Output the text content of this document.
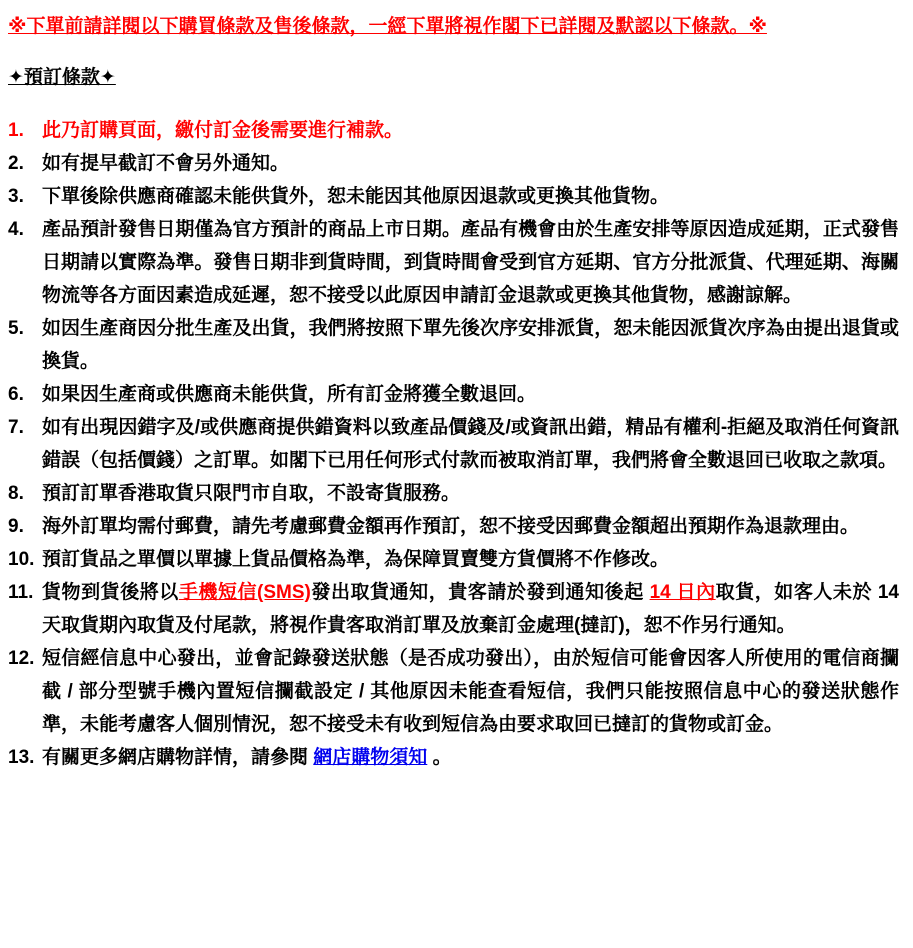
※下單前請詳閱以下購買條款及售後條款，一經下單將視作閣下已詳閱及默認以下條款。※
✦預訂條款✦
1. 此乃訂購頁面，繳付訂金後需要進行補款。
2. 如有提早截訂不會另外通知。
3. 下單後除供應商確認未能供貨外，恕未能因其他原因退款或更換其他貨物。
4. 產品預計發售日期僅為官方預計的商品上市日期。產品有機會由於生產安排等原因造成延期，正式發售日期請以實際為準。發售日期非到貨時間，到貨時間會受到官方延期、官方分批派貨、代理延期、海關物流等各方面因素造成延遲，恕不接受以此原因申請訂金退款或更換其他貨物，感謝諒解。
5. 如因生產商因分批生產及出貨，我們將按照下單先後次序安排派貨，恕未能因派貨次序為由提出退貨或換貨。
6. 如果因生產商或供應商未能供貨，所有訂金將獲全數退回。
7. 如有出現因錯字及/或供應商提供錯資料以致產品價錢及/或資訊出錯，精品有權利-拒絕及取消任何資訊錯誤（包括價錢）之訂單。如閣下已用任何形式付款而被取消訂單，我們將會全數退回已收取之款項。
8. 預訂訂單香港取貨只限門市自取，不設寄貨服務。
9. 海外訂單均需付郵費，請先考慮郵費金額再作預訂，恕不接受因郵費金額超出預期作為退款理由。
10. 預訂貨品之單價以單據上貨品價格為準，為保障買賣雙方貨價將不作修改。
11. 貨物到貨後將以手機短信(SMS)發出取貨通知，貴客請於發到通知後起 14 日內取貨，如客人未於 14 天取貨期內取貨及付尾款，將視作貴客取消訂單及放棄訂金處理(撻訂)，恕不作另行通知。
12. 短信經信息中心發出，並會記錄發送狀態（是否成功發出），由於短信可能會因客人所使用的電信商攔截 / 部分型號手機內置短信攔截設定 / 其他原因未能查看短信，我們只能按照信息中心的發送狀態作準，未能考慮客人個別情況，恕不接受未有收到短信為由要求取回已撻訂的貨物或訂金。
13. 有關更多網店購物詳情，請參閱 網店購物須知 。
